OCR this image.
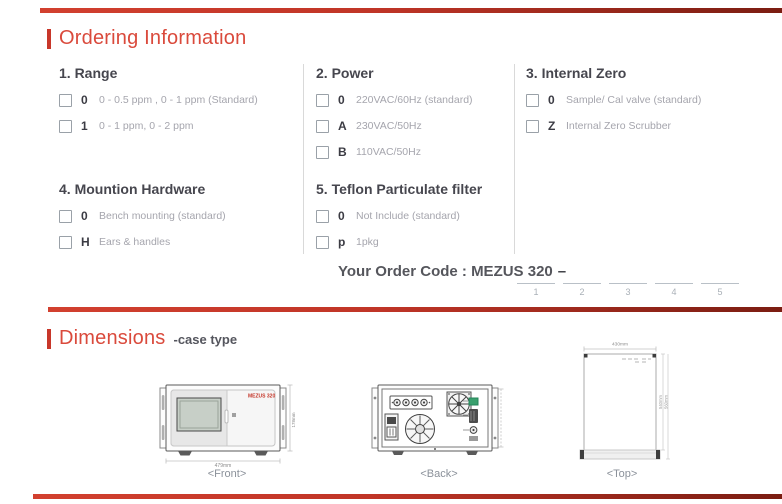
Ordering Information
1. Range
0 0 - 0.5 ppm , 0 - 1 ppm (Standard)
1 0 - 1 ppm, 0 - 2 ppm
2. Power
0 220VAC/60Hz (standard)
A 230VAC/50Hz
B 110VAC/50Hz
3. Internal Zero
0 Sample/ Cal valve (standard)
Z Internal Zero Scrubber
4. Mountion Hardware
0 Bench mounting (standard)
H Ears & handles
5. Teflon Particulate filter
0 Not Include (standard)
p 1pkg
Your Order Code : MEZUS 320 –
1	2	3	4	5
Dimensions -case type
MEZUS 320
479mm
178mm
<Front>	<Back>
430mm
540mm 560mm
<Top>
